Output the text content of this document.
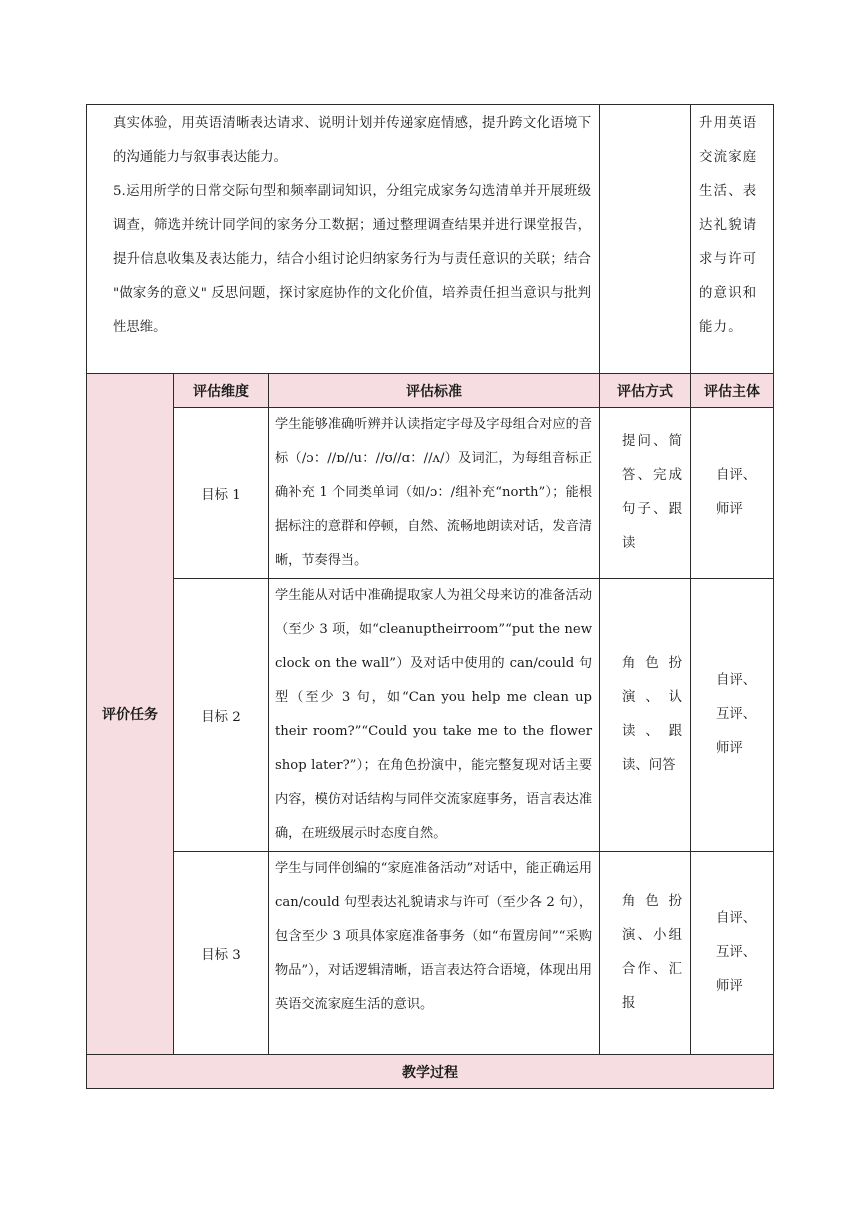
真实体验，用英语清晰表达请求、说明计划并传递家庭情感，提升跨文化语境下的沟通能力与叙事表达能力。

5.运用所学的日常交际句型和频率副词知识，分组完成家务勾选清单并开展班级调查，筛选并统计同学间的家务分工数据；通过整理调查结果并进行课堂报告，提升信息收集及表达能力，结合小组讨论归纳家务行为与责任意识的关联；结合 "做家务的意义" 反思问题，探讨家庭协作的文化价值，培养责任担当意识与批判性思维。				升用英语交流家庭生活、表达礼貌请求与许可的意识和能力。

评价任务	评估维度	评估标准	评估方式	评估主体
	目标 1	学生能够准确听辨并认读指定字母及字母组合对应的音标（/ɔ：//ɒ//u：//ʊ//ɑ：//ʌ/）及词汇，为每组音标正确补充 1 个同类单词（如/ɔ：/组补充“north”）；能根据标注的意群和停顿，自然、流畅地朗读对话，发音清晰，节奏得当。	提问、简答、完成句子、跟读	自评、师评
	目标 2	学生能从对话中准确提取家人为祖父母来访的准备活动（至少 3 项，如“cleanuptheirroom”“put the new clock on the wall”）及对话中使用的 can/could 句型（至少 3 句，如“Can you help me clean up their room?”“Could you take me to the flower shop later?”）；在角色扮演中，能完整复现对话主要内容，模仿对话结构与同伴交流家庭事务，语言表达准确，在班级展示时态度自然。	角色扮演、认读、跟读、问答	自评、互评、师评
	目标 3	学生与同伴创编的“家庭准备活动”对话中，能正确运用 can/could 句型表达礼貌请求与许可（至少各 2 句），包含至少 3 项具体家庭准备事务（如“布置房间”“采购物品”），对话逻辑清晰，语言表达符合语境，体现出用英语交流家庭生活的意识。	角色扮演、小组合作、汇报	自评、互评、师评
教学过程				
